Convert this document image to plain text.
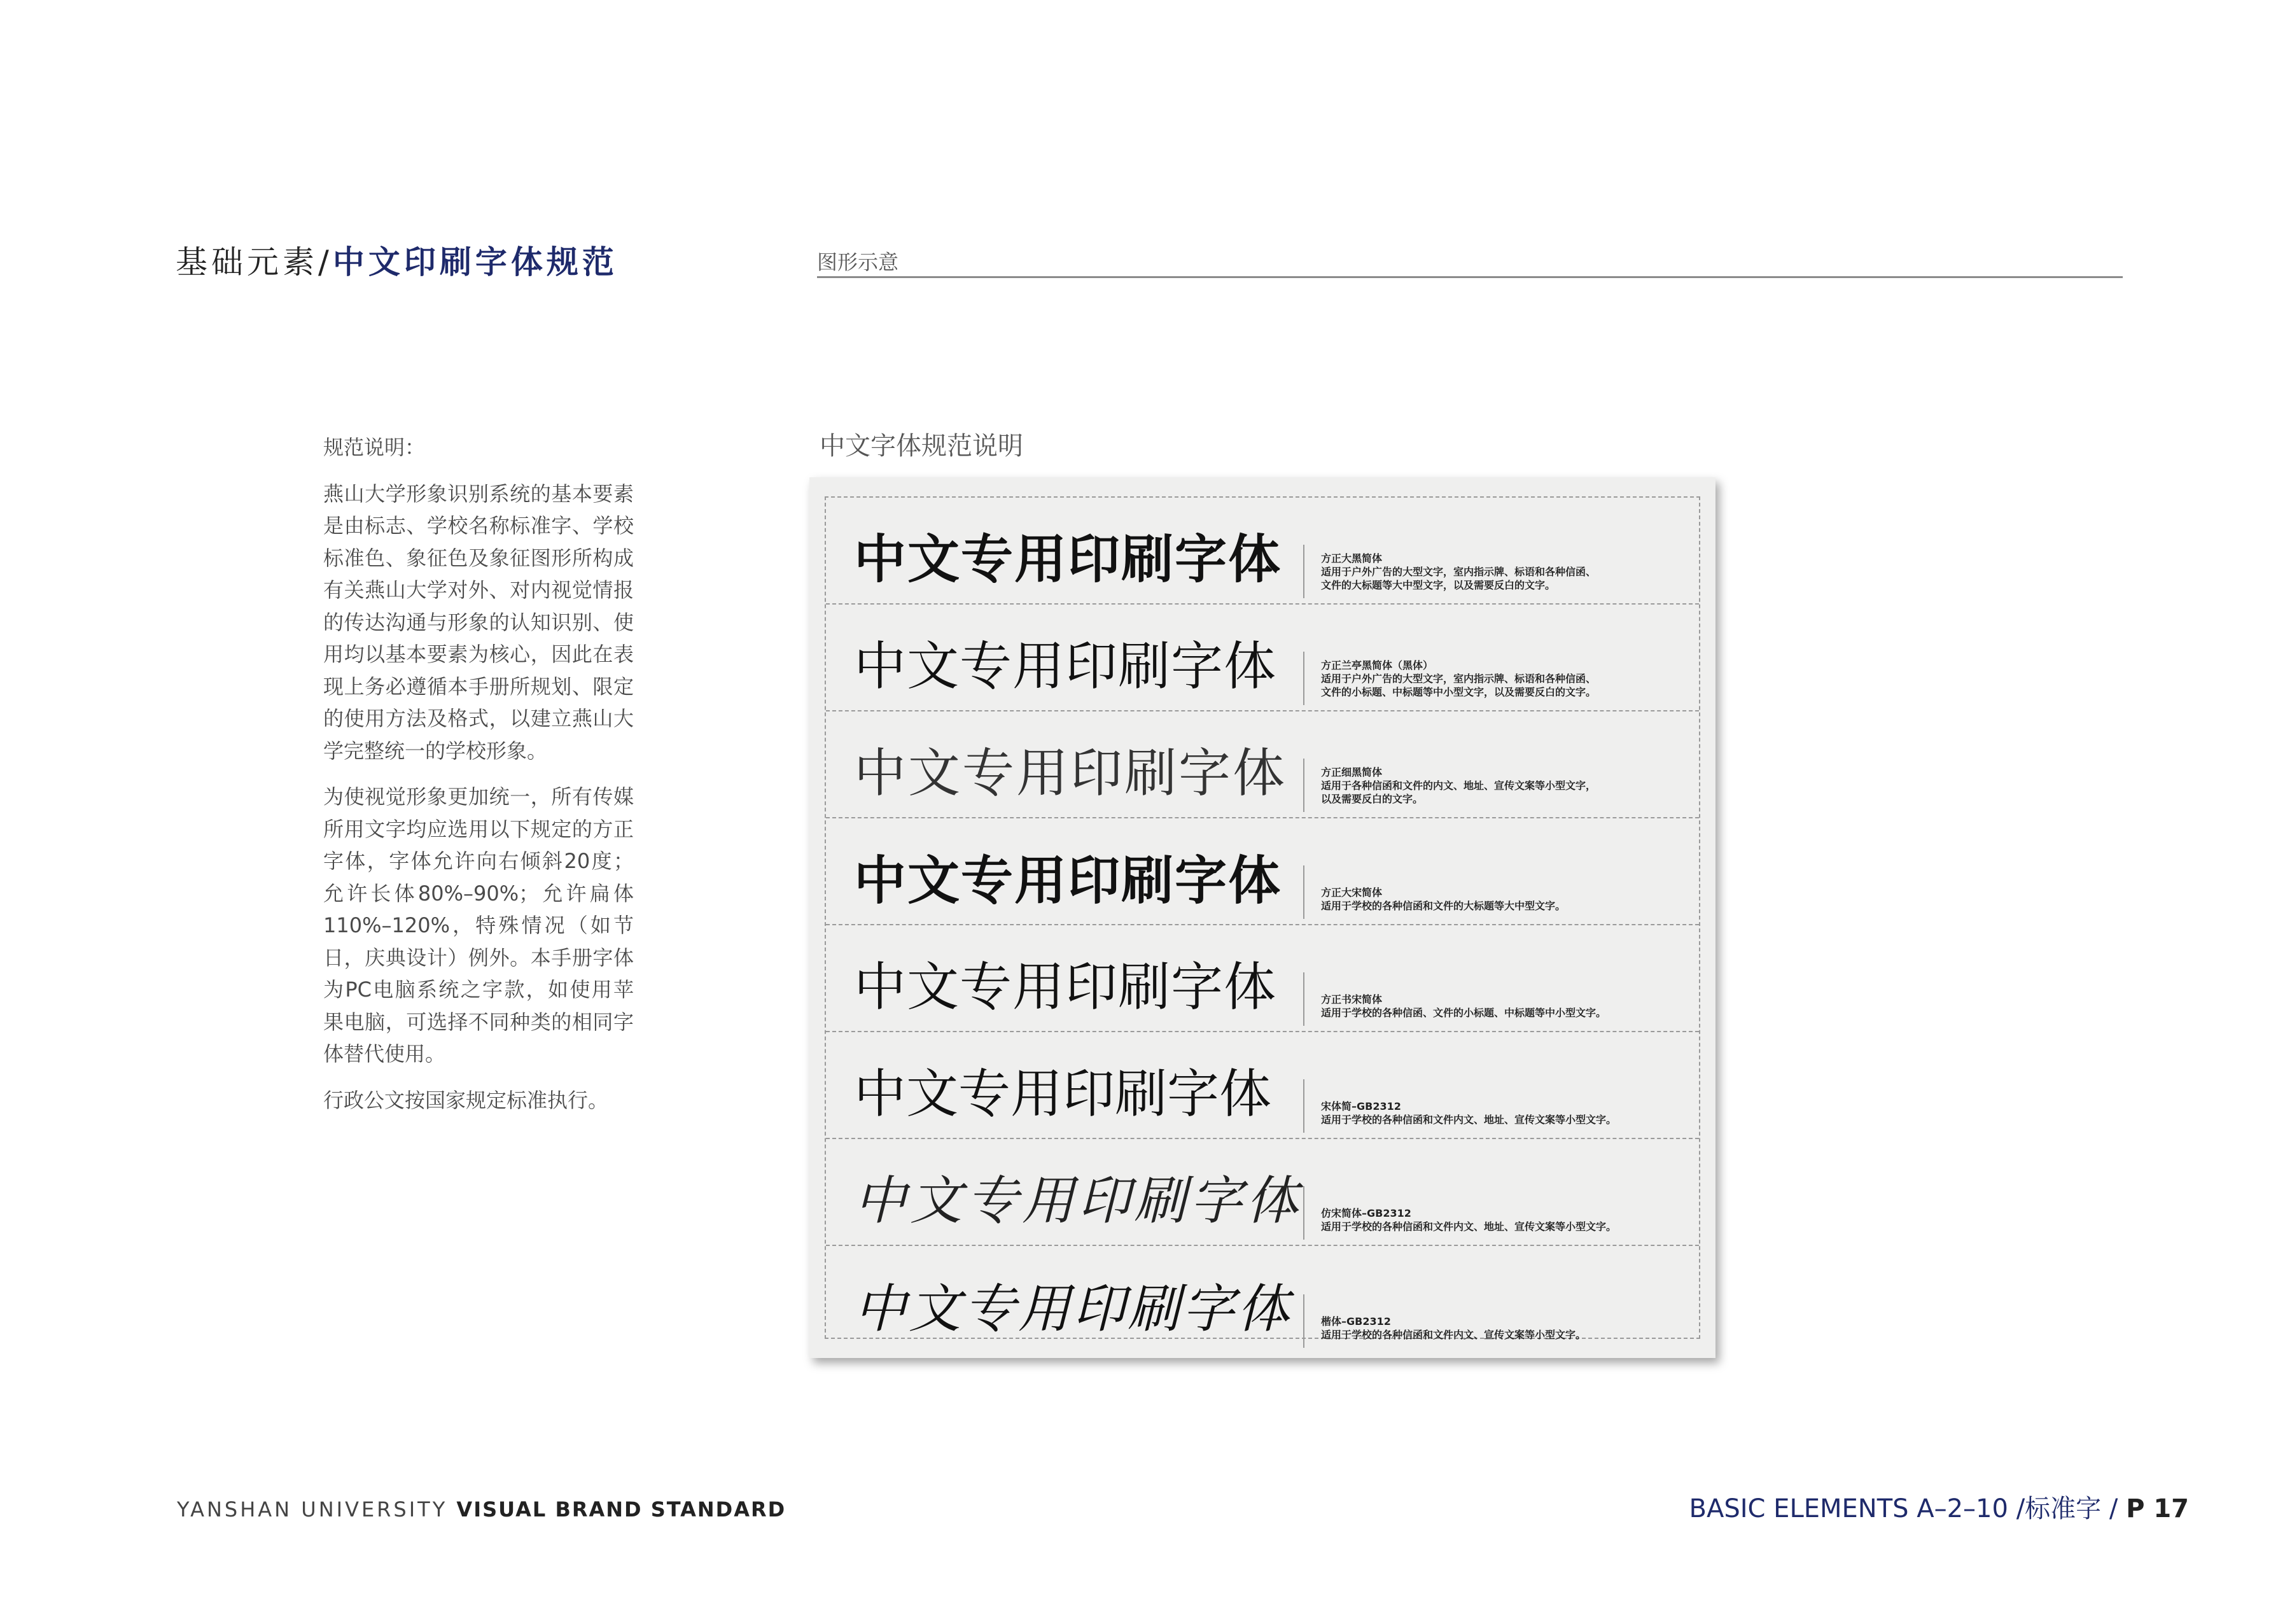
基础元素/中文印刷字体规范	图形示意
规范说明：

燕山大学形象识别系统的基本要素是由标志、学校名称标准字、学校标准色、象征色及象征图形所构成有关燕山大学对外、对内视觉情报的传达沟通与形象的认知识别、使用均以基本要素为核心，因此在表现上务必遵循本手册所规划、限定的使用方法及格式，以建立燕山大学完整统一的学校形象。

为使视觉形象更加统一，所有传媒所用文字均应选用以下规定的方正字体，字体允许向右倾斜20度；允许长体80%–90%；允许扁体110%–120%，特殊情况（如节日，庆典设计）例外。本手册字体为PC电脑系统之字款，如使用苹果电脑，可选择不同种类的相同字体替代使用。

行政公文按国家规定标准执行。

中文字体规范说明
中文专用印刷字体	方正大黑简体
适用于户外广告的大型文字，室内指示牌、标语和各种信函、
文件的大标题等大中型文字，以及需要反白的文字。
中文专用印刷字体	方正兰亭黑简体（黑体）
适用于户外广告的大型文字，室内指示牌、标语和各种信函、
文件的小标题、中标题等中小型文字，以及需要反白的文字。
中文专用印刷字体	方正细黑简体
适用于各种信函和文件的内文、地址、宣传文案等小型文字，
以及需要反白的文字。
中文专用印刷字体	方正大宋简体
适用于学校的各种信函和文件的大标题等大中型文字。
中文专用印刷字体	方正书宋简体
适用于学校的各种信函、文件的小标题、中标题等中小型文字。
中文专用印刷字体	宋体简–GB2312
适用于学校的各种信函和文件内文、地址、宣传文案等小型文字。
中文专用印刷字体 仿宋简体–GB2312
适用于学校的各种信函和文件内文、地址、宣传文案等小型文字。
中文专用印刷字体	楷体–GB2312
适用于学校的各种信函和文件内文、宣传文案等小型文字。
YANSHAN UNIVERSITY VISUAL BRAND STANDARD	BASIC ELEMENTS A–2–10 /标准字 / P 17
